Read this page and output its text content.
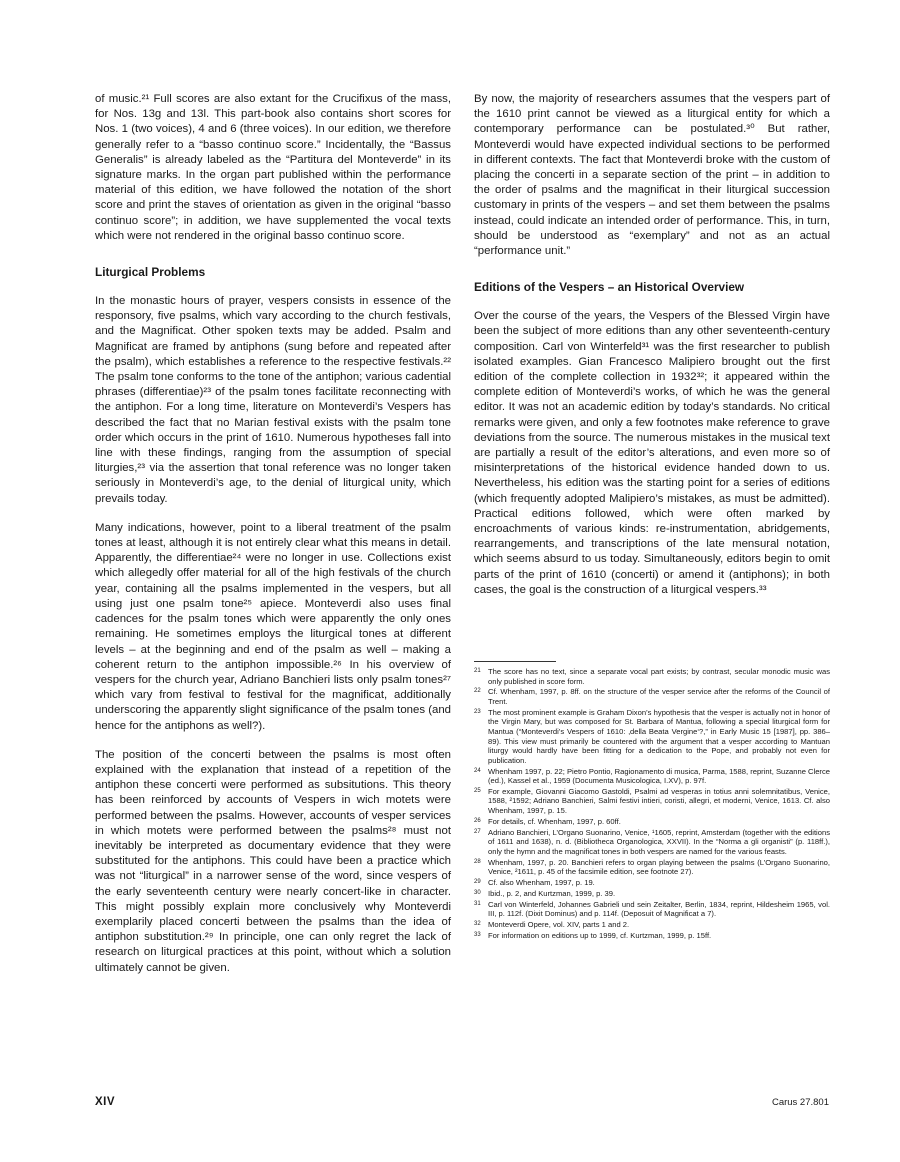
of music.²¹ Full scores are also extant for the Crucifixus of the mass, for Nos. 13g and 13l. This part-book also contains short scores for Nos. 1 (two voices), 4 and 6 (three voices). In our edition, we therefore generally refer to a “basso continuo score.” Incidentally, the “Bassus Generalis” is already labeled as the “Partitura del Monteverde” in its signature marks. In the organ part published within the performance material of this edition, we have followed the notation of the short score and print the staves of orientation as given in the original “basso continuo score”; in addition, we have supplemented the vocal texts which were not rendered in the original basso continuo score.

Liturgical Problems

In the monastic hours of prayer, vespers consists in essence of the responsory, five psalms, which vary according to the church festivals, and the Magnificat. Other spoken texts may be added. Psalm and Magnificat are framed by antiphons (sung before and repeated after the psalm), which establishes a reference to the respective festivals.²² The psalm tone conforms to the tone of the antiphon; various cadential phrases (differentiae)²³ of the psalm tones facilitate reconnecting with the antiphon. For a long time, literature on Monteverdi’s Vespers has described the fact that no Marian festival exists with the psalm tone order which occurs in the print of 1610. Numerous hypotheses fall into line with these findings, ranging from the assumption of special liturgies,²³ via the assertion that tonal reference was no longer taken seriously in Monteverdi’s age, to the denial of liturgical unity, which prevails today.

Many indications, however, point to a liberal treatment of the psalm tones at least, although it is not entirely clear what this means in detail. Apparently, the differentiae²⁴ were no longer in use. Collections exist which allegedly offer material for all of the high festivals of the church year, containing all the psalms implemented in the vespers, but all using just one psalm tone²⁵ apiece. Monteverdi also uses final cadences for the psalm tones which were apparently the only ones remaining. He sometimes employs the liturgical tones at different levels – at the beginning and end of the psalm as well – making a coherent return to the antiphon impossible.²⁶ In his overview of vespers for the church year, Adriano Banchieri lists only psalm tones²⁷ which vary from festival to festival for the magnificat, additionally underscoring the apparently slight significance of the psalm tones (and hence for the antiphons as well?).

The position of the concerti between the psalms is most often explained with the explanation that instead of a repetition of the antiphon these concerti were performed as subsitutions. This theory has been reinforced by accounts of Vespers in wich motets were performed between the psalms. However, accounts of vesper services in which motets were performed between the psalms²⁸ must not inevitably be interpreted as documentary evidence that they were substituted for the antiphons. This could have been a practice which was not “liturgical” in a narrower sense of the word, since vespers of the early seventeenth century were nearly concert-like in character. This might possibly explain more conclusively why Monteverdi exemplarily placed concerti between the psalms than the idea of antiphon substitution.²⁹ In principle, one can only regret the lack of research on liturgical practices at this point, without which a solution ultimately cannot be given.

By now, the majority of researchers assumes that the vespers part of the 1610 print cannot be viewed as a liturgical entity for which a contemporary performance can be postulated.³⁰ But rather, Monteverdi would have expected individual sections to be performed in different contexts. The fact that Monteverdi broke with the custom of placing the concerti in a separate section of the print – in addition to the order of psalms and the magnificat in their liturgical succession customary in prints of the vespers – and set them between the psalms instead, could indicate an intended order of performance. This, in turn, should be understood as “exemplary” and not as an actual “performance unit.”

Editions of the Vespers – an Historical Overview

Over the course of the years, the Vespers of the Blessed Virgin have been the subject of more editions than any other seventeenth-century composition. Carl von Winterfeld³¹ was the first researcher to publish isolated examples. Gian Francesco Malipiero brought out the first edition of the complete collection in 1932³²; it appeared within the complete edition of Monteverdi’s works, of which he was the general editor. It was not an academic edition by today’s standards. No critical remarks were given, and only a few footnotes make reference to grave deviations from the source. The numerous mistakes in the musical text are partially a result of the editor’s alterations, and even more so of misinterpretations of the historical evidence handed down to us. Nevertheless, his edition was the starting point for a series of editions (which frequently adopted Malipiero’s mistakes, as must be admitted). Practical editions followed, which were often marked by encroachments of various kinds: re-instrumentation, abridgements, rearrangements, and transcriptions of the late mensural notation, which seems absurd to us today. Simultaneously, editors begin to omit parts of the print of 1610 (concerti) or amend it (antiphons); in both cases, the goal is the construction of a liturgical vespers.³³

21 The score has no text, since a separate vocal part exists; by contrast, secular monodic music was only published in score form.
22 Cf. Whenham, 1997, p. 8ff. on the structure of the vesper service after the reforms of the Council of Trent.
23 The most prominent example is Graham Dixon’s hypothesis that the vesper is actually not in honor of the Virgin Mary, but was composed for St. Barbara of Mantua, following a special liturgical form for Mantua (“Monteverdi’s Vespers of 1610: ‚della Beata Vergine‘?,” in Early Music 15 [1987], pp. 386–89). This view must primarily be countered with the argument that a vesper according to Mantuan liturgy would hardly have been fitting for a dedication to the Pope, and probably not even for publication.
24 Whenham 1997, p. 22; Pietro Pontio, Ragionamento di musica, Parma, 1588, reprint, Suzanne Clerce (ed.), Kassel et al., 1959 (Documenta Musicologica, I.XV), p. 97f.
25 For example, Giovanni Giacomo Gastoldi, Psalmi ad vesperas in totius anni solemnitatibus, Venice, 1588, ²1592; Adriano Banchieri, Salmi festivi intieri, coristi, allegri, et moderni, Venice, 1613. Cf. also Whenham, 1997, p. 15.
26 For details, cf. Whenham, 1997, p. 60ff.
27 Adriano Banchieri, L’Organo Suonarino, Venice, ¹1605, reprint, Amsterdam (together with the editions of 1611 and 1638), n. d. (Bibliotheca Organologica, XXVII). In the “Norma a gli organisti” (p. 118ff.), only the hymn and the magnificat tones in both vespers are named for the various feasts.
28 Whenham, 1997, p. 20. Banchieri refers to organ playing between the psalms (L’Organo Suonarino, Venice, ²1611, p. 45 of the facsimile edition, see footnote 27).
29 Cf. also Whenham, 1997, p. 19.
30 Ibid., p. 2, and Kurtzman, 1999, p. 39.
31 Carl von Winterfeld, Johannes Gabrieli und sein Zeitalter, Berlin, 1834, reprint, Hildesheim 1965, vol. III, p. 112f. (Dixit Dominus) and p. 114f. (Deposuit of Magnificat a 7).
32 Monteverdi Opere, vol. XIV, parts 1 and 2.
33 For information on editions up to 1999, cf. Kurtzman, 1999, p. 15ff.
XIV	Carus 27.801
